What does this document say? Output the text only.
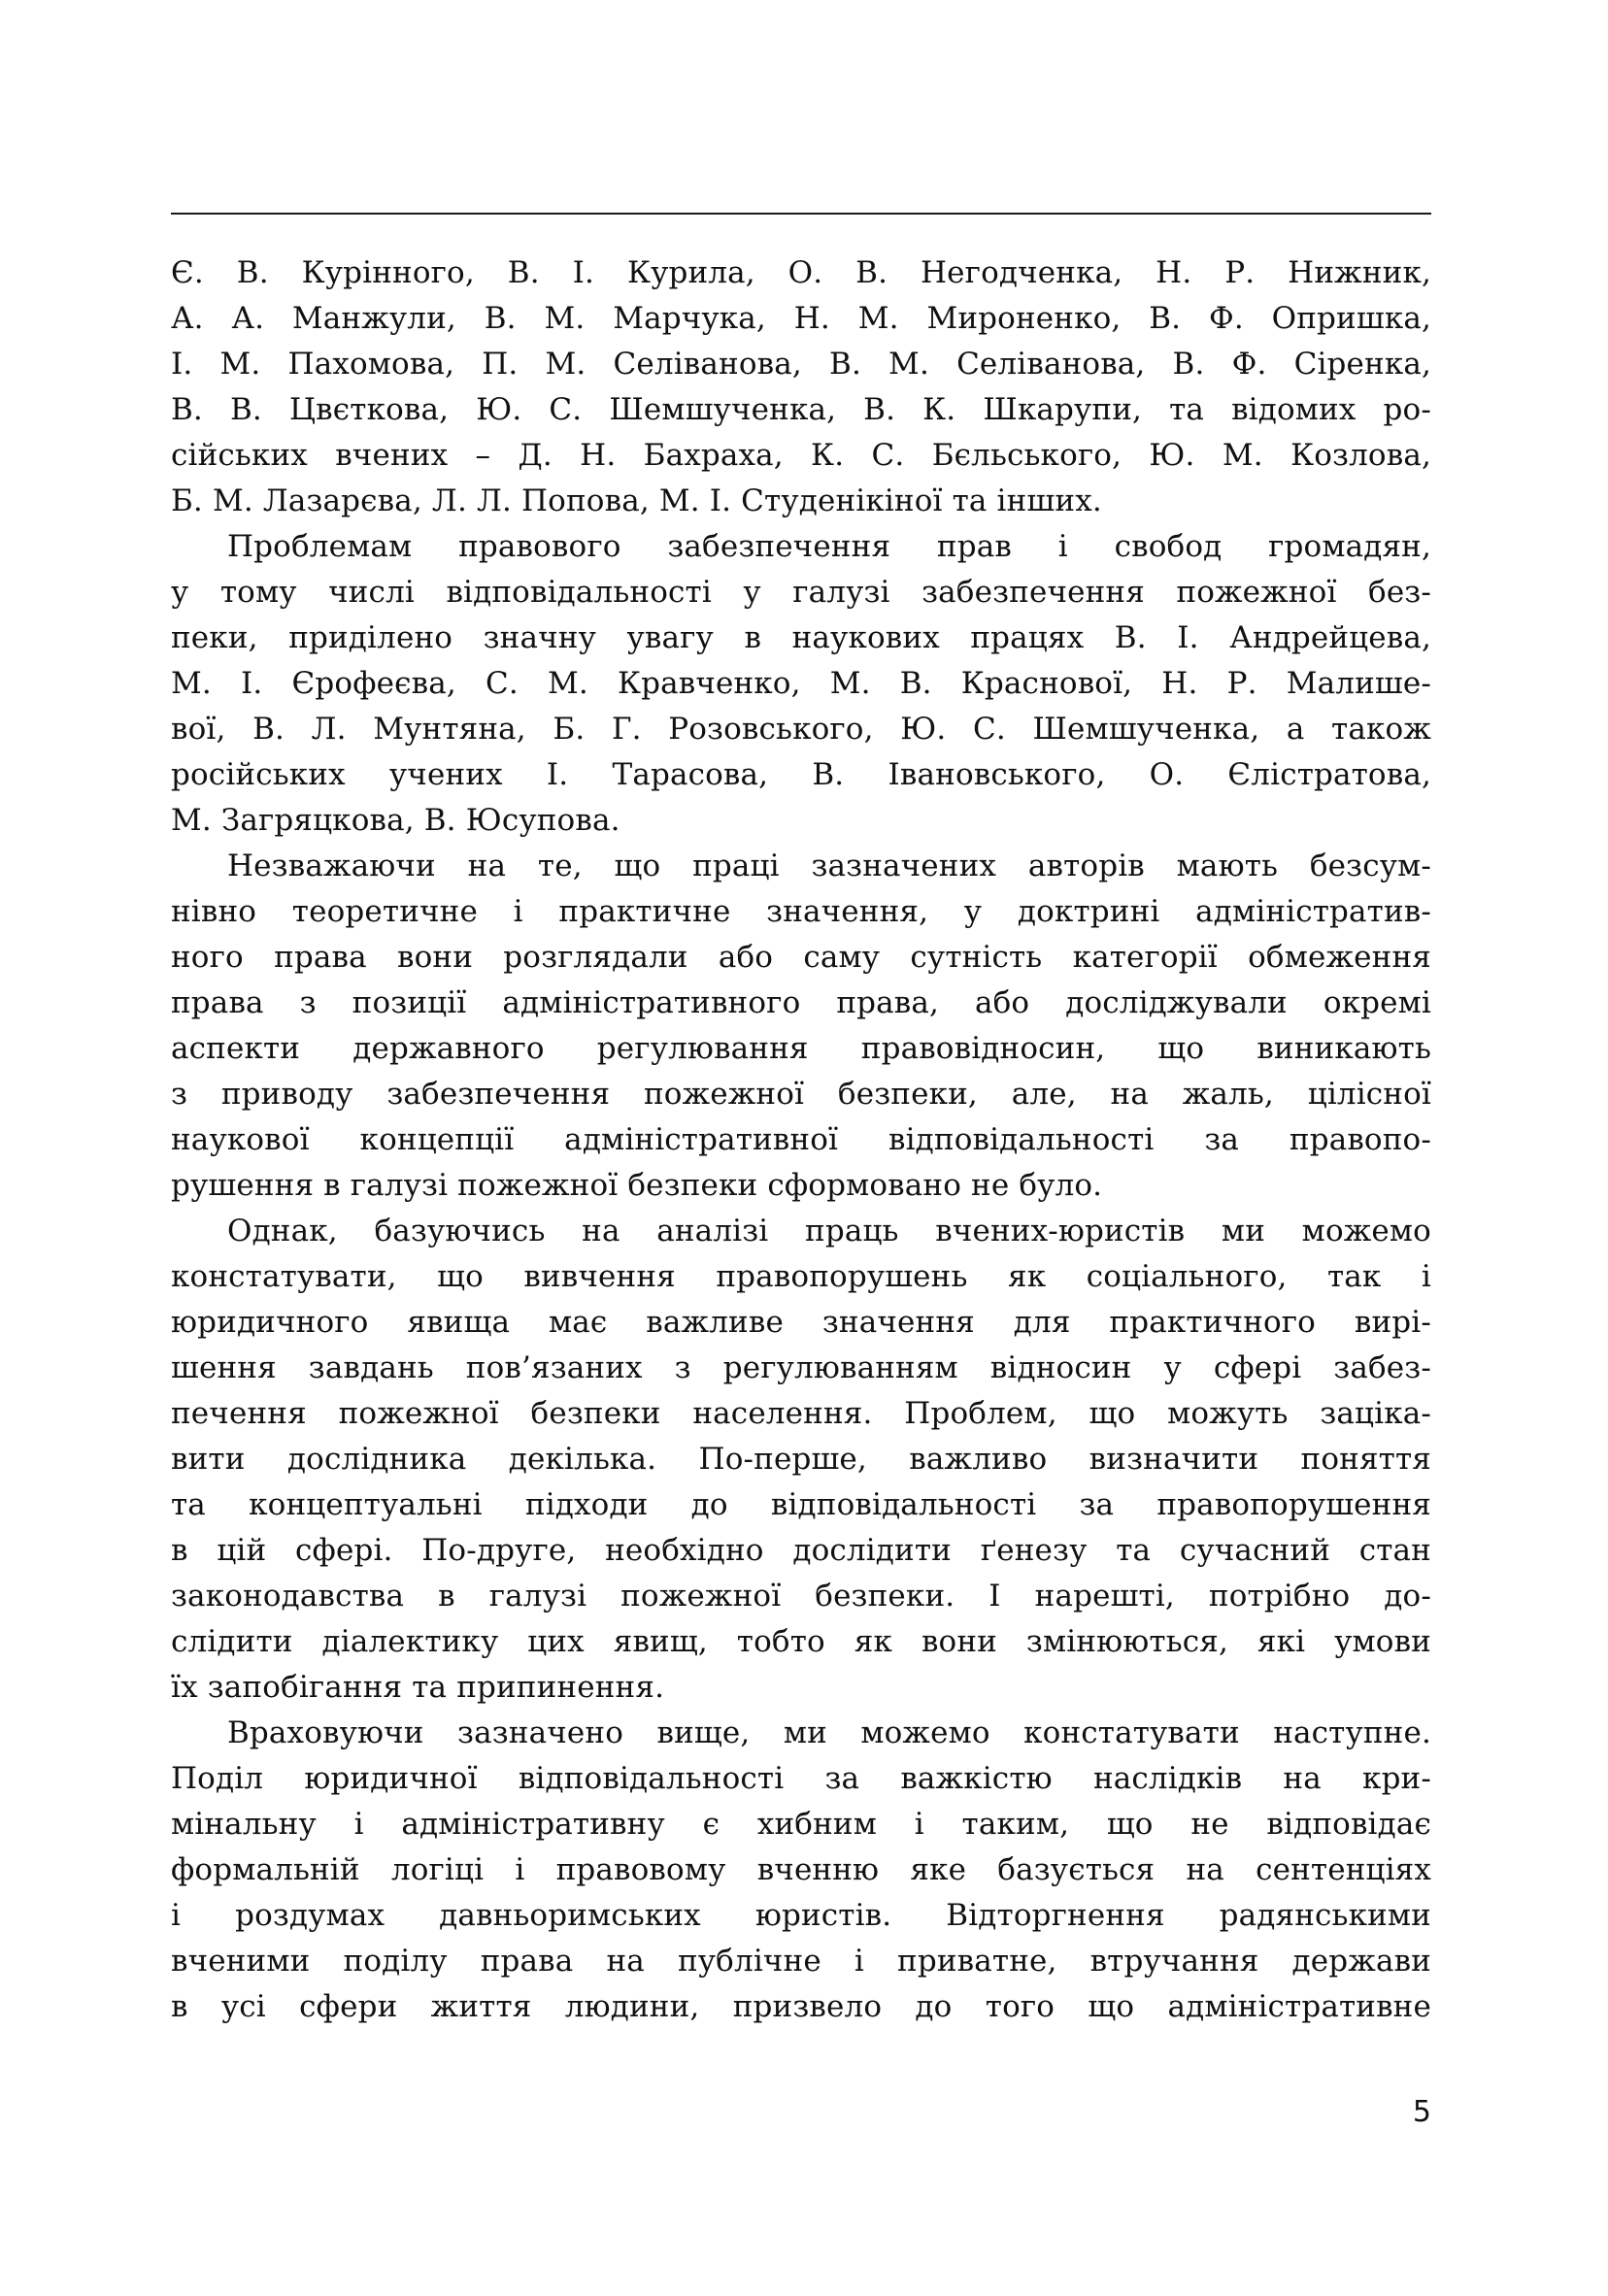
Є. В. Курінного, В. І. Курила, О. В. Негодченка, Н. Р. Нижник,
А. А. Манжули, В. М. Марчука, Н. М. Мироненко, В. Ф. Опришка,
І. М. Пахомова, П. М. Селіванова, В. М. Селіванова, В. Ф. Сіренка,
В. В. Цвєткова, Ю. С. Шемшученка, В. К. Шкарупи, та відомих ро-
сійських вчених – Д. Н. Бахраха, К. С. Бєльського, Ю. М. Козлова,
Б. М. Лазарєва, Л. Л. Попова, М. І. Студенікіної та інших.
Проблемам правового забезпечення прав і свобод громадян,
у тому числі відповідальності у галузі забезпечення пожежної без-
пеки, приділено значну увагу в наукових працях В. І. Андрейцева,
М. І. Єрофеєва, С. М. Кравченко, М. В. Краснової, Н. Р. Малише-
вої, В. Л. Мунтяна, Б. Г. Розовського, Ю. С. Шемшученка, а також
російських учених І. Тарасова, В. Івановського, О. Єлістратова,
М. Загряцкова, В. Юсупова.
Незважаючи на те, що праці зазначених авторів мають безсум-
нівно теоретичне і практичне значення, у доктрині адміністратив-
ного права вони розглядали або саму сутність категорії обмеження
права з позиції адміністративного права, або досліджували окремі
аспекти державного регулювання правовідносин, що виникають
з приводу забезпечення пожежної безпеки, але, на жаль, цілісної
наукової концепції адміністративної відповідальності за правопо-
рушення в галузі пожежної безпеки сформовано не було.
Однак, базуючись на аналізі праць вчених-юристів ми можемо
констатувати, що вивчення правопорушень як соціального, так і
юридичного явища має важливе значення для практичного вирі-
шення завдань пов’язаних з регулюванням відносин у сфері забез-
печення пожежної безпеки населення. Проблем, що можуть заціка-
вити дослідника декілька. По-перше, важливо визначити поняття
та концептуальні підходи до відповідальності за правопорушення
в цій сфері. По-друге, необхідно дослідити ґенезу та сучасний стан
законодавства в галузі пожежної безпеки. І нарешті, потрібно до-
слідити діалектику цих явищ, тобто як вони змінюються, які умови
їх запобігання та припинення.
Враховуючи зазначено вище, ми можемо констатувати наступне.
Поділ юридичної відповідальності за важкістю наслідків на кри-
мінальну і адміністративну є хибним і таким, що не відповідає
формальній логіці і правовому вченню яке базується на сентенціях
і роздумах давньоримських юристів. Відторгнення радянськими
вченими поділу права на публічне і приватне, втручання держави
в усі сфери життя людини, призвело до того що адміністративне
5
